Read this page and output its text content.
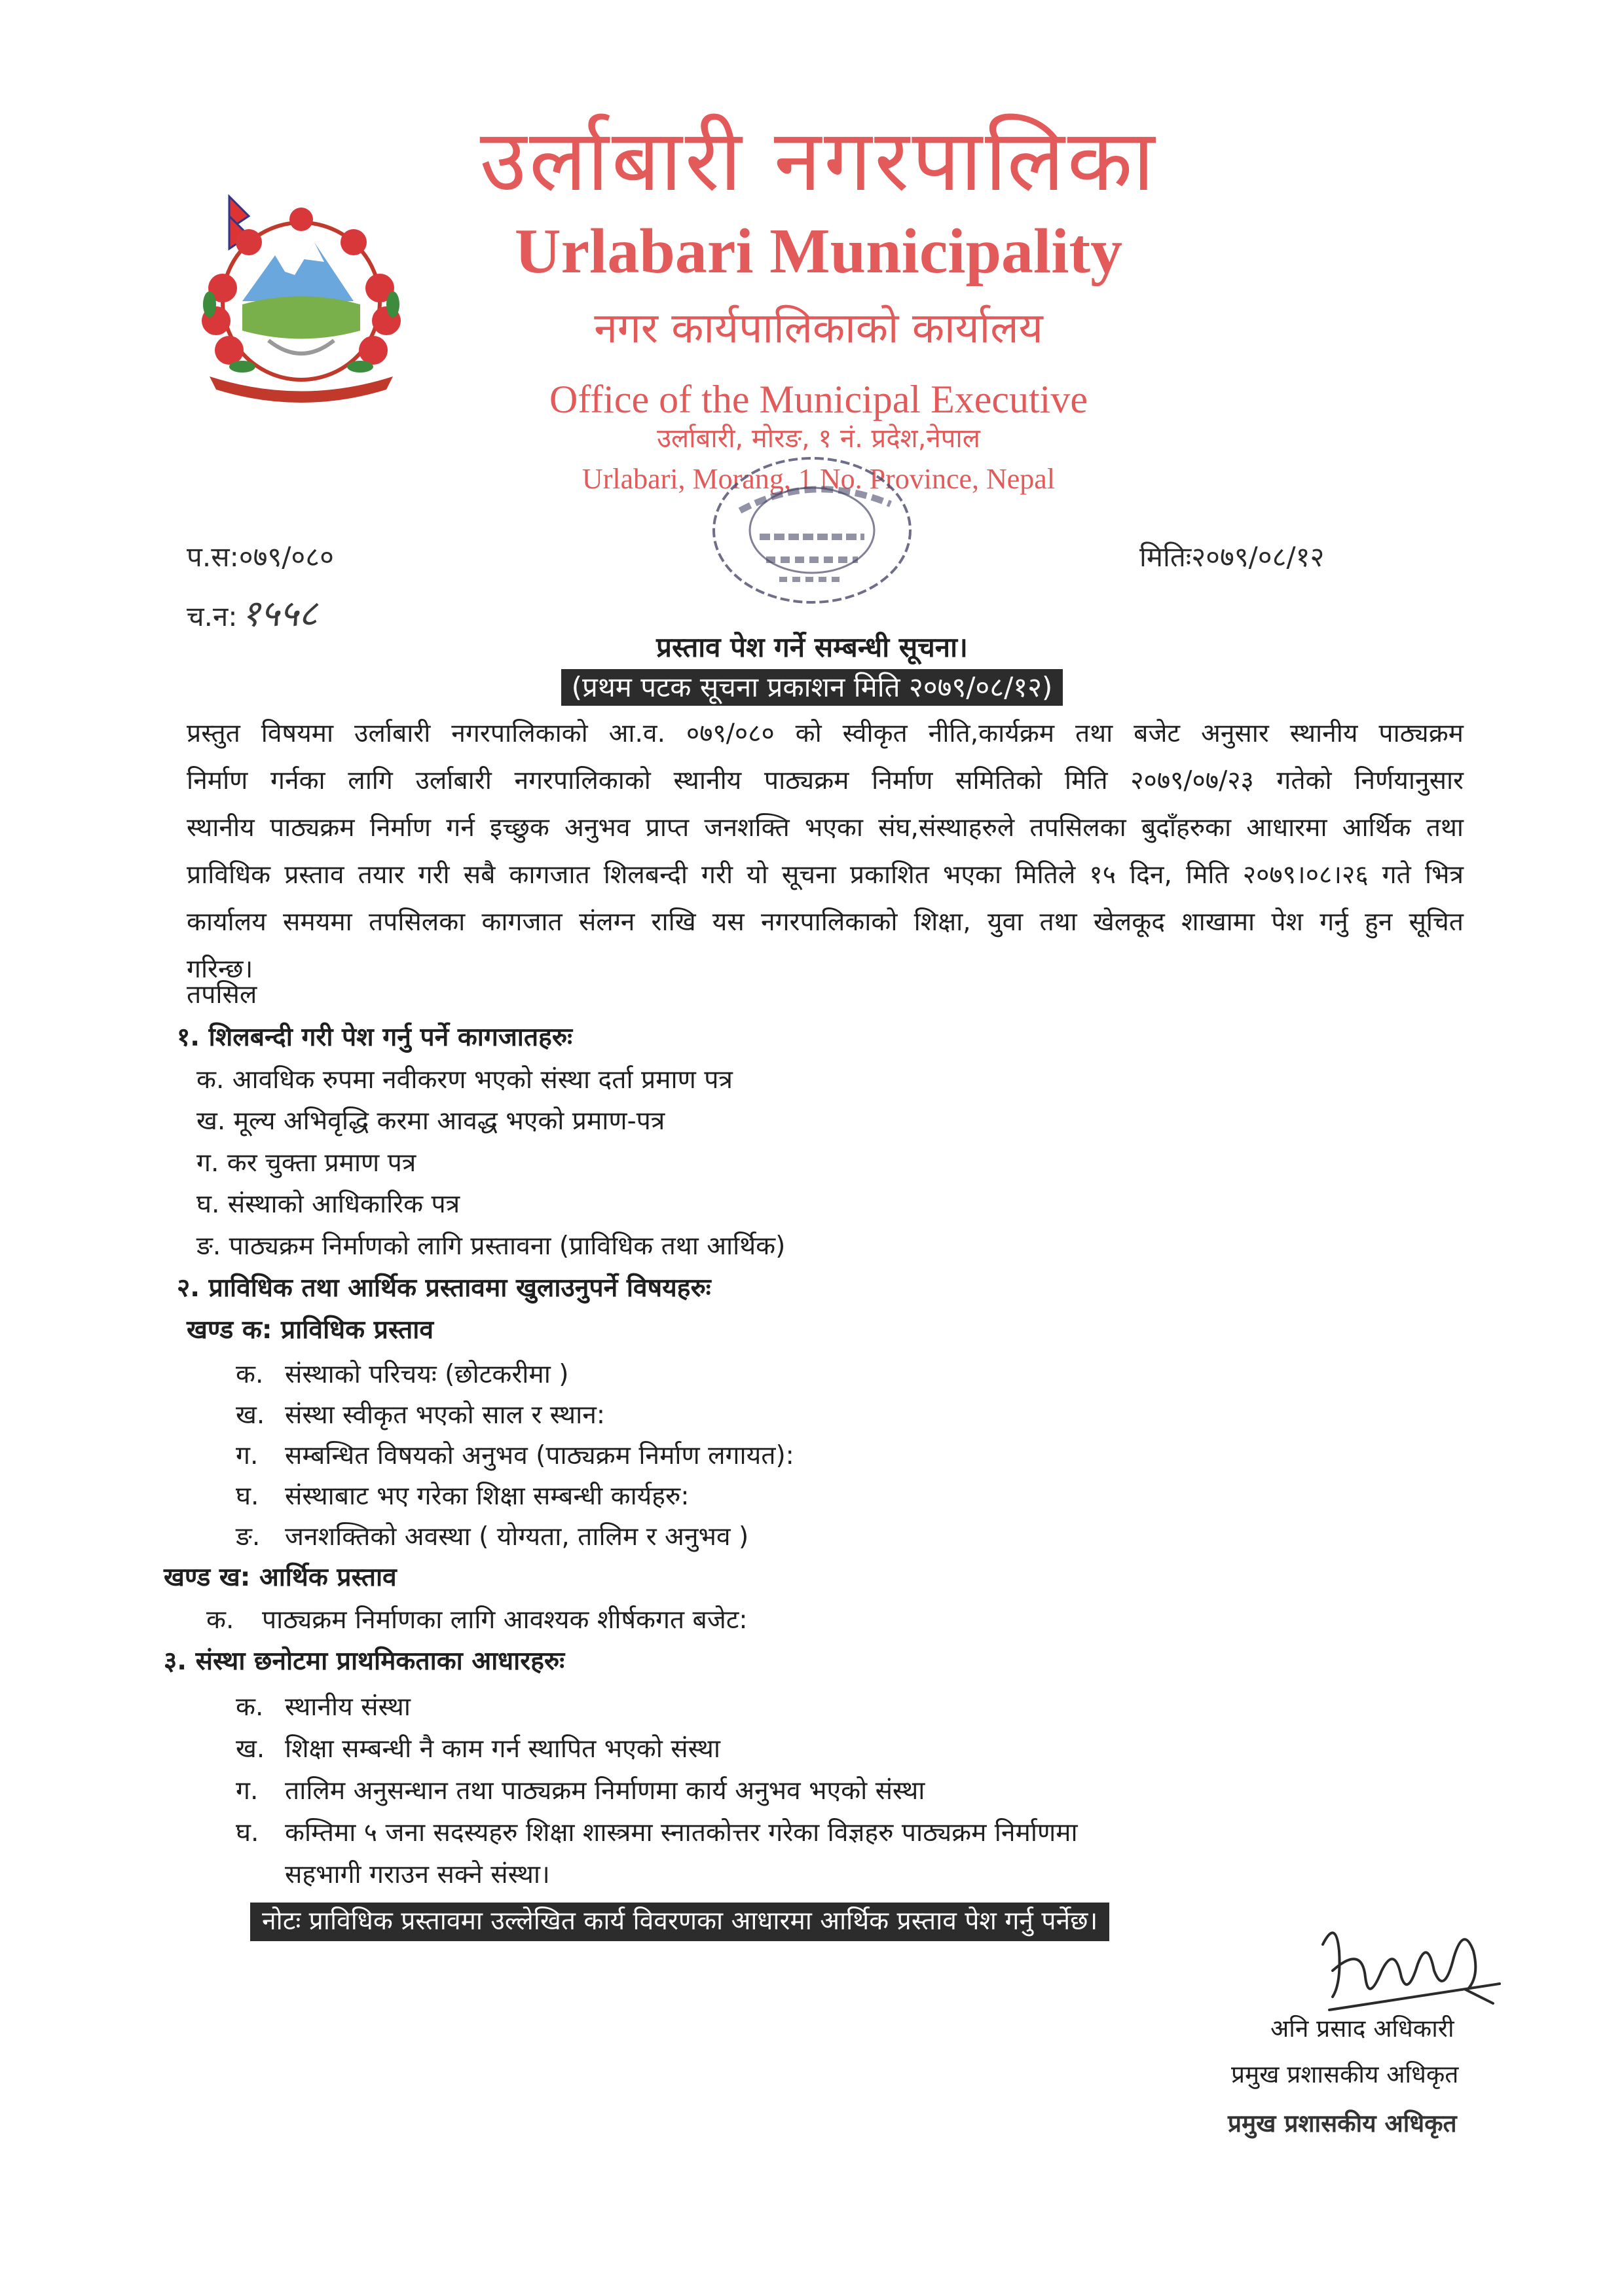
उर्लाबारी नगरपालिका
Urlabari Municipality
नगर कार्यपालिकाको कार्यालय
Office of the Municipal Executive
उर्लाबारी, मोरङ, १ नं. प्रदेश,नेपाल
Urlabari, Morang, 1 No. Province, Nepal
प.स:०७९/०८०
च.न: १५५८
मितिः२०७९/०८/१२
प्रस्ताव पेश गर्ने सम्बन्धी सूचना।
(प्रथम पटक सूचना प्रकाशन मिति २०७९/०८/१२)
प्रस्तुत विषयमा उर्लाबारी नगरपालिकाको आ.व. ०७९/०८० को स्वीकृत नीति,कार्यक्रम तथा बजेट अनुसार स्थानीय पाठ्यक्रम
निर्माण गर्नका लागि उर्लाबारी नगरपालिकाको स्थानीय पाठ्यक्रम निर्माण समितिको मिति २०७९/०७/२३ गतेको निर्णयानुसार
स्थानीय पाठ्यक्रम निर्माण गर्न इच्छुक अनुभव प्राप्त जनशक्ति भएका संघ,संस्थाहरुले तपसिलका बुदाँहरुका आधारमा आर्थिक तथा
प्राविधिक प्रस्ताव तयार गरी सबै कागजात शिलबन्दी गरी यो सूचना प्रकाशित भएका मितिले १५ दिन, मिति २०७९।०८।२६ गते भित्र
कार्यालय समयमा तपसिलका कागजात संलग्न राखि यस नगरपालिकाको शिक्षा, युवा तथा खेलकूद शाखामा पेश गर्नु हुन सूचित
गरिन्छ।
तपसिल
१. शिलबन्दी गरी पेश गर्नु पर्ने कागजातहरुः
क. आवधिक रुपमा नवीकरण भएको संस्था दर्ता प्रमाण पत्र
ख. मूल्य अभिवृद्धि करमा आवद्ध भएको प्रमाण-पत्र
ग. कर चुक्ता प्रमाण पत्र
घ. संस्थाको आधिकारिक पत्र
ङ. पाठ्यक्रम निर्माणको लागि प्रस्तावना (प्राविधिक तथा आर्थिक)
२. प्राविधिक तथा आर्थिक प्रस्तावमा खुलाउनुपर्ने विषयहरुः
खण्ड क: प्राविधिक प्रस्ताव
क. संस्थाको परिचयः (छोटकरीमा )
ख. संस्था स्वीकृत भएको साल र स्थान:
ग. सम्बन्धित विषयको अनुभव (पाठ्यक्रम निर्माण लगायत):
घ. संस्थाबाट भए गरेका शिक्षा सम्बन्धी कार्यहरु:
ङ. जनशक्तिको अवस्था ( योग्यता, तालिम र अनुभव )
खण्ड ख: आर्थिक प्रस्ताव
क. पाठ्यक्रम निर्माणका लागि आवश्यक शीर्षकगत बजेट:
३. संस्था छनोटमा प्राथमिकताका आधारहरुः
क. स्थानीय संस्था
ख. शिक्षा सम्बन्धी नै काम गर्न स्थापित भएको संस्था
ग. तालिम अनुसन्धान तथा पाठ्यक्रम निर्माणमा कार्य अनुभव भएको संस्था
घ. कम्तिमा ५ जना सदस्यहरु शिक्षा शास्त्रमा स्नातकोत्तर गरेका विज्ञहरु पाठ्यक्रम निर्माणमा
सहभागी गराउन सक्ने संस्था।
नोटः प्राविधिक प्रस्तावमा उल्लेखित कार्य विवरणका आधारमा आर्थिक प्रस्ताव पेश गर्नु पर्नेछ।
अनि प्रसाद अधिकारी
प्रमुख प्रशासकीय अधिकृत
प्रमुख प्रशासकीय अधिकृत
